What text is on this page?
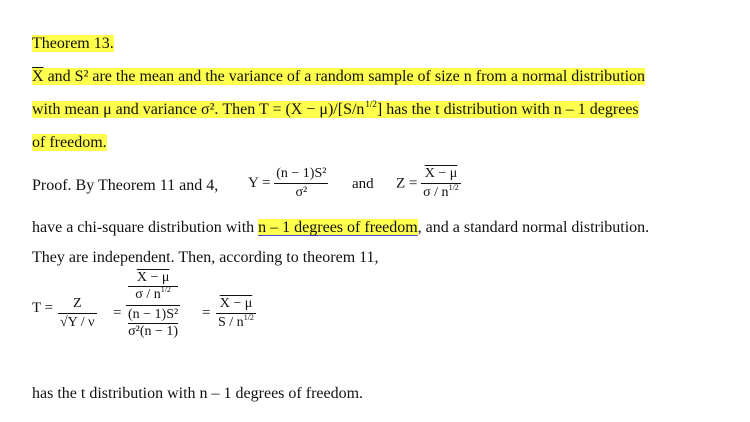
Theorem 13.
$\overline{X}$ and S² are the mean and the variance of a random sample of size n from a normal distribution
with mean μ and variance σ². Then $T = (X - \mu)/[S/n^{1/2}]$ has the t distribution with n – 1 degrees
of freedom.
Proof. By Theorem 11 and 4, $Y = \frac{\text{(n − 1)S²}}{\text{σ²}}$ and $Z = \frac{X - \mu}{\sigma / n^{1/2}}$
have a chi-square distribution with n – 1 degrees of freedom, and a standard normal distribution.
They are independent. Then, according to theorem 11,
$T = \frac{Z}{√Y / \nu} = X - \mu$
σ / $n^{1/2}$
(n − 1)S²
$\sigma^2(n - 1) = \frac{X - \mu}{S / n^{1/2}}$
has the t distribution with n – 1 degrees of freedom.
